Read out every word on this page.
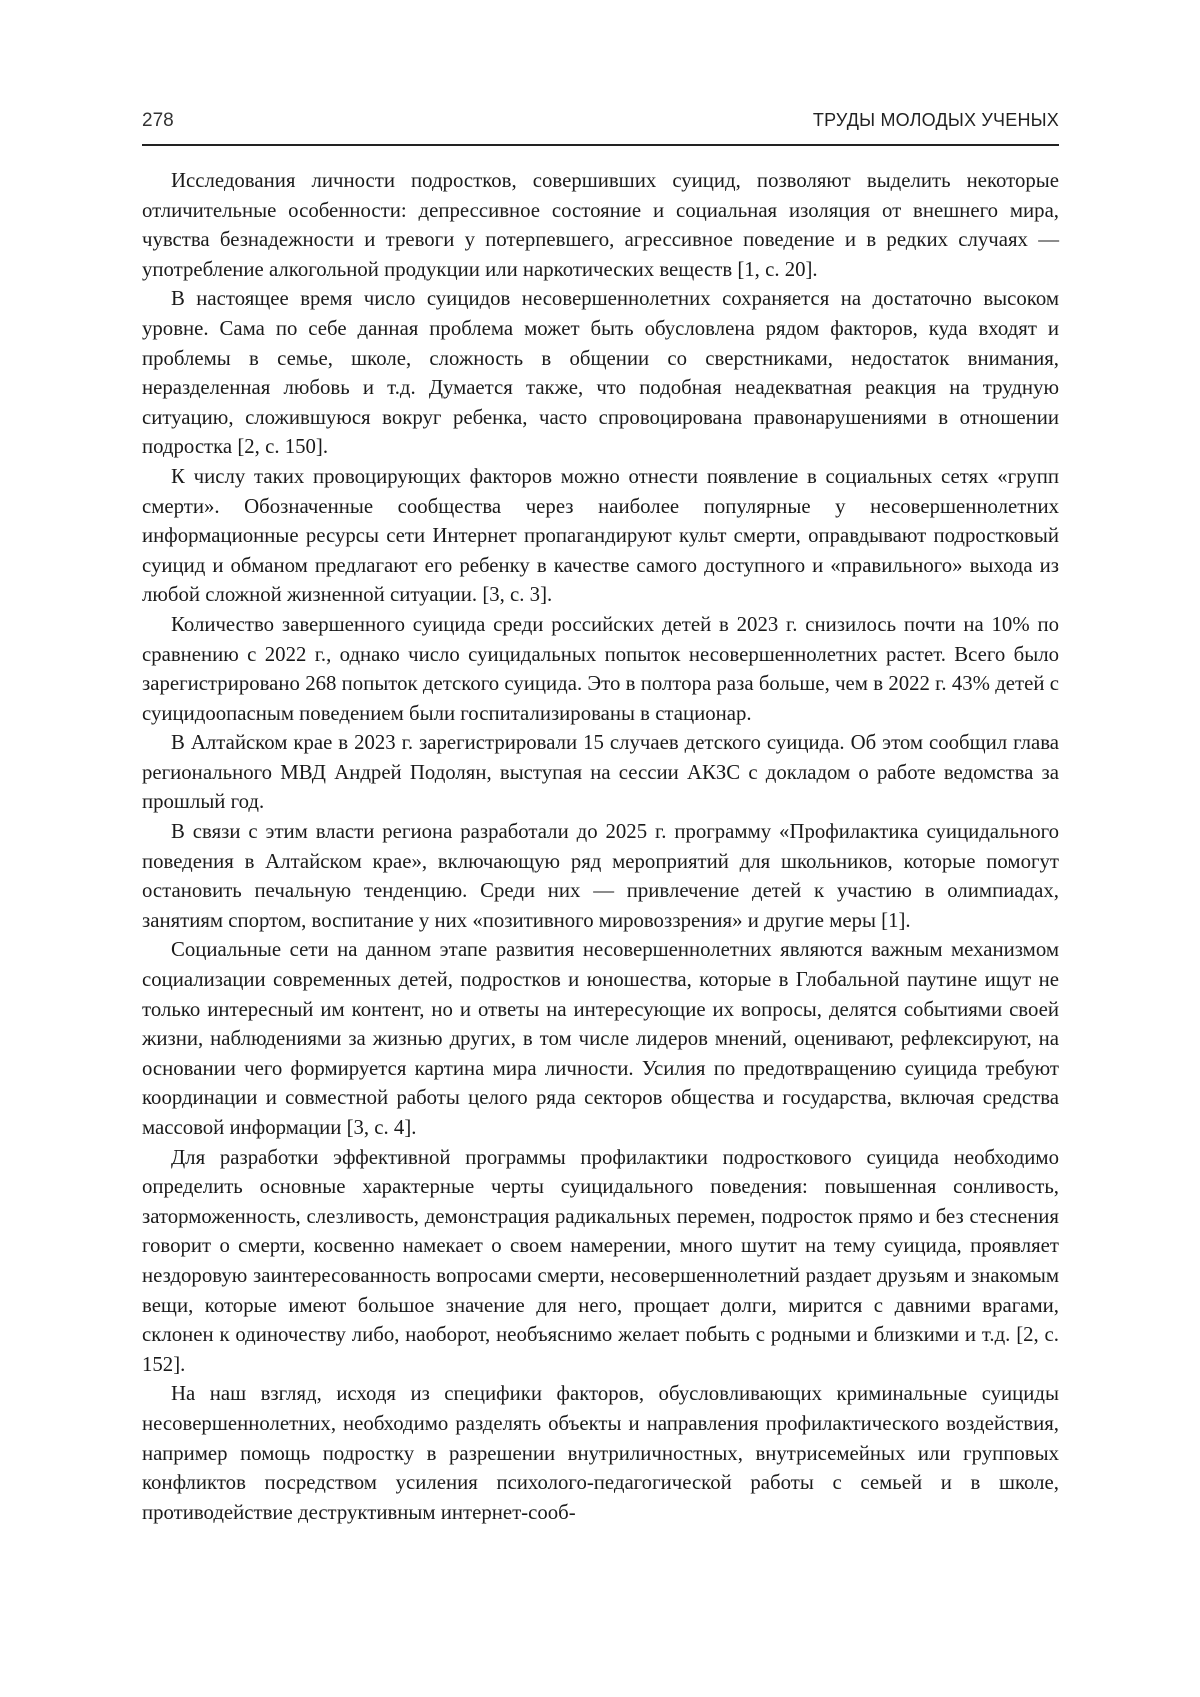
278	ТРУДЫ МОЛОДЫХ УЧЕНЫХ

Исследования личности подростков, совершивших суицид, позволяют выделить некоторые отличительные особенности: депрессивное состояние и социальная изоляция от внешнего мира, чувства безнадежности и тревоги у потерпевшего, агрессивное поведение и в редких случаях — употребление алкогольной продукции или наркотических веществ [1, с. 20].

В настоящее время число суицидов несовершеннолетних сохраняется на достаточно высоком уровне. Сама по себе данная проблема может быть обусловлена рядом факторов, куда входят и проблемы в семье, школе, сложность в общении со сверстниками, недостаток внимания, неразделенная любовь и т.д. Думается также, что подобная неадекватная реакция на трудную ситуацию, сложившуюся вокруг ребенка, часто спровоцирована правонарушениями в отношении подростка [2, с. 150].

К числу таких провоцирующих факторов можно отнести появление в социальных сетях «групп смерти». Обозначенные сообщества через наиболее популярные у несовершеннолетних информационные ресурсы сети Интернет пропагандируют культ смерти, оправдывают подростковый суицид и обманом предлагают его ребенку в качестве самого доступного и «правильного» выхода из любой сложной жизненной ситуации. [3, с. 3].

Количество завершенного суицида среди российских детей в 2023 г. снизилось почти на 10% по сравнению с 2022 г., однако число суицидальных попыток несовершеннолетних растет. Всего было зарегистрировано 268 попыток детского суицида. Это в полтора раза больше, чем в 2022 г. 43% детей с суицидоопасным поведением были госпитализированы в стационар.

В Алтайском крае в 2023 г. зарегистрировали 15 случаев детского суицида. Об этом сообщил глава регионального МВД Андрей Подолян, выступая на сессии АКЗС с докладом о работе ведомства за прошлый год.

В связи с этим власти региона разработали до 2025 г. программу «Профилактика суицидального поведения в Алтайском крае», включающую ряд мероприятий для школьников, которые помогут остановить печальную тенденцию. Среди них — привлечение детей к участию в олимпиадах, занятиям спортом, воспитание у них «позитивного мировоззрения» и другие меры [1].

Социальные сети на данном этапе развития несовершеннолетних являются важным механизмом социализации современных детей, подростков и юношества, которые в Глобальной паутине ищут не только интересный им контент, но и ответы на интересующие их вопросы, делятся событиями своей жизни, наблюдениями за жизнью других, в том числе лидеров мнений, оценивают, рефлексируют, на основании чего формируется картина мира личности. Усилия по предотвращению суицида требуют координации и совместной работы целого ряда секторов общества и государства, включая средства массовой информации [3, с. 4].

Для разработки эффективной программы профилактики подросткового суицида необходимо определить основные характерные черты суицидального поведения: повышенная сонливость, заторможенность, слезливость, демонстрация радикальных перемен, подросток прямо и без стеснения говорит о смерти, косвенно намекает о своем намерении, много шутит на тему суицида, проявляет нездоровую заинтересованность вопросами смерти, несовершеннолетний раздает друзьям и знакомым вещи, которые имеют большое значение для него, прощает долги, мирится с давними врагами, склонен к одиночеству либо, наоборот, необъяснимо желает побыть с родными и близкими и т.д. [2, с. 152].

На наш взгляд, исходя из специфики факторов, обусловливающих криминальные суициды несовершеннолетних, необходимо разделять объекты и направления профилактического воздействия, например помощь подростку в разрешении внутриличностных, внутрисемейных или групповых конфликтов посредством усиления психолого-педагогической работы с семьей и в школе, противодействие деструктивным интернет-сооб-
